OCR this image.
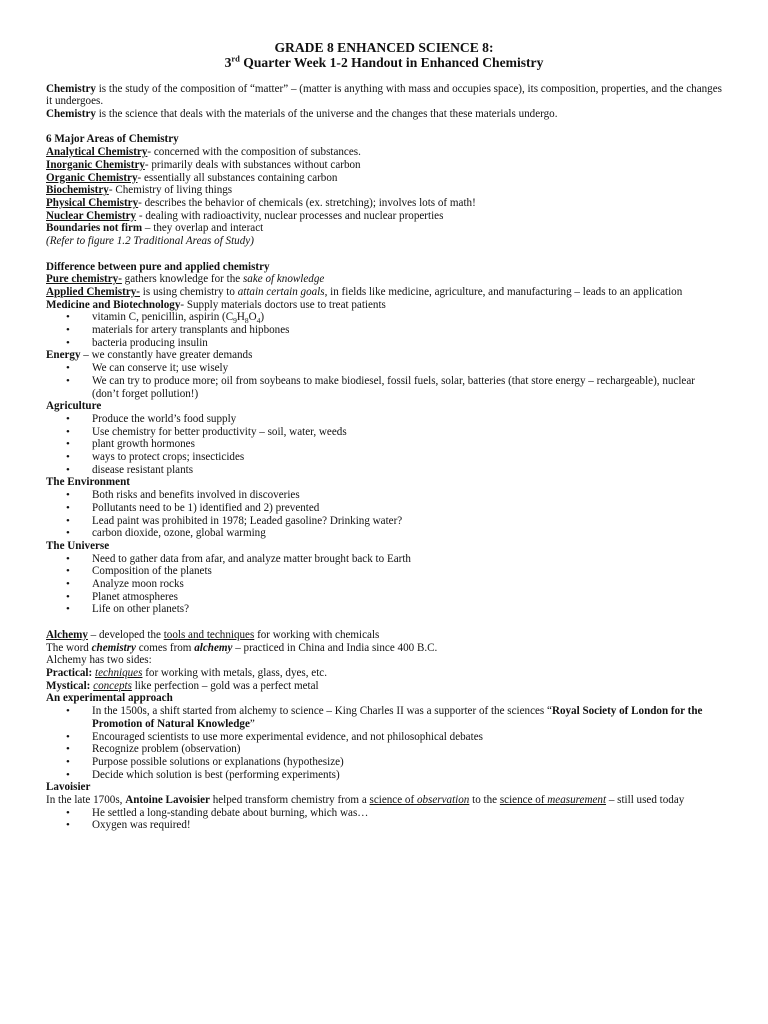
GRADE 8 ENHANCED SCIENCE 8:

3rd Quarter Week 1-2 Handout in Enhanced Chemistry

Chemistry is the study of the composition of “matter” – (matter is anything with mass and occupies space), its composition, properties, and the changes it undergoes.

Chemistry is the science that deals with the materials of the universe and the changes that these materials undergo.

6 Major Areas of Chemistry

Analytical Chemistry- concerned with the composition of substances.

Inorganic Chemistry- primarily deals with substances without carbon

Organic Chemistry- essentially all substances containing carbon

Biochemistry- Chemistry of living things

Physical Chemistry- describes the behavior of chemicals (ex. stretching); involves lots of math!

Nuclear Chemistry - dealing with radioactivity, nuclear processes and nuclear properties

Boundaries not firm – they overlap and interact

(Refer to figure 1.2 Traditional Areas of Study)

Difference between pure and applied chemistry

Pure chemistry- gathers knowledge for the sake of knowledge

Applied Chemistry- is using chemistry to attain certain goals, in fields like medicine, agriculture, and manufacturing – leads to an application

Medicine and Biotechnology- Supply materials doctors use to treat patients

• vitamin C, penicillin, aspirin $(C_9H_8O_4)$
• materials for artery transplants and hipbones
• bacteria producing insulin

Energy – we constantly have greater demands

• We can conserve it; use wisely
• We can try to produce more; oil from soybeans to make biodiesel, fossil fuels, solar, batteries (that store energy – rechargeable), nuclear (don’t forget pollution!)

Agriculture

• Produce the world’s food supply
• Use chemistry for better productivity – soil, water, weeds
• plant growth hormones
• ways to protect crops; insecticides
• disease resistant plants

The Environment

• Both risks and benefits involved in discoveries
• Pollutants need to be 1) identified and 2) prevented
• Lead paint was prohibited in 1978; Leaded gasoline? Drinking water?
• carbon dioxide, ozone, global warming

The Universe

• Need to gather data from afar, and analyze matter brought back to Earth
• Composition of the planets
• Analyze moon rocks
• Planet atmospheres
• Life on other planets?

Alchemy – developed the tools and techniques for working with chemicals

The word chemistry comes from alchemy – practiced in China and India since 400 B.C.

Alchemy has two sides:

Practical: techniques for working with metals, glass, dyes, etc.

Mystical: concepts like perfection – gold was a perfect metal

An experimental approach

• In the 1500s, a shift started from alchemy to science – King Charles II was a supporter of the sciences “Royal Society of London for the Promotion of Natural Knowledge”
• Encouraged scientists to use more experimental evidence, and not philosophical debates
• Recognize problem (observation)
• Purpose possible solutions or explanations (hypothesize)
• Decide which solution is best (performing experiments)

Lavoisier

In the late 1700s, Antoine Lavoisier helped transform chemistry from a science of observation to the science of measurement – still used today

• He settled a long-standing debate about burning, which was…
• Oxygen was required!
